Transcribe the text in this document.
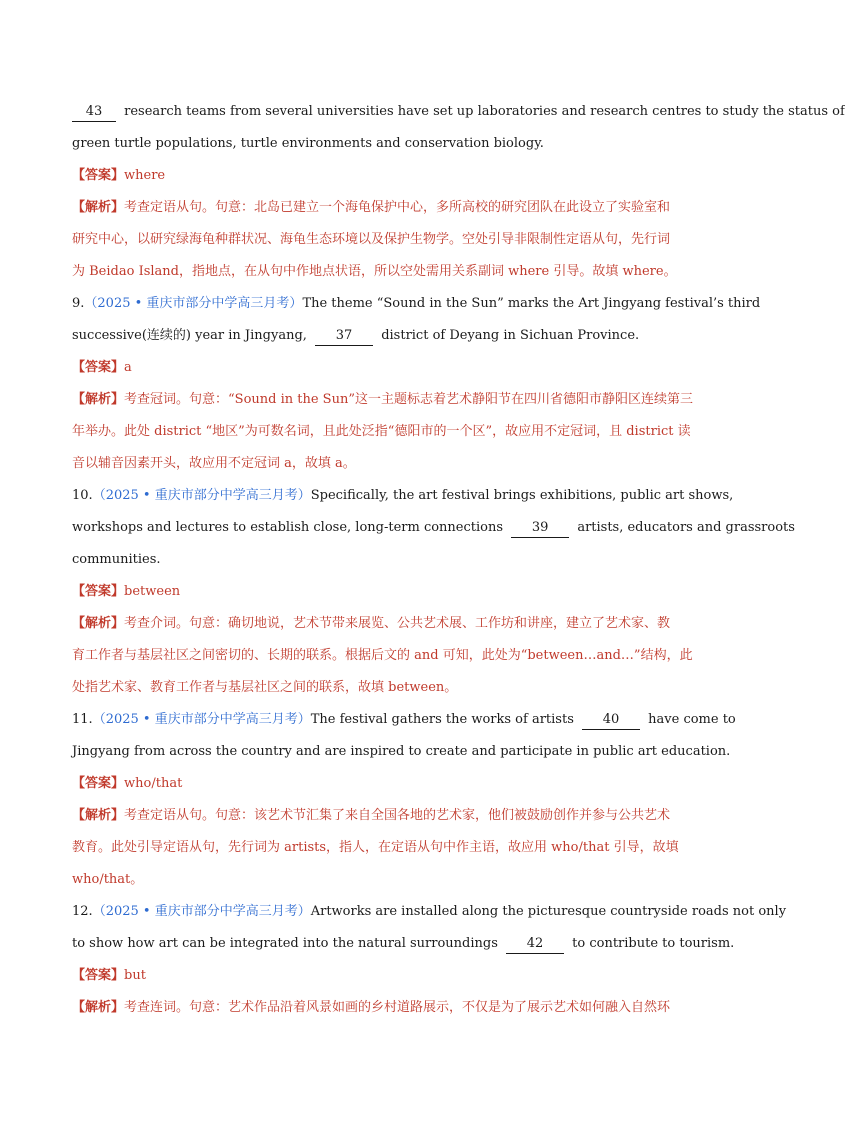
43 research teams from several universities have set up laboratories and research centres to study the status of
green turtle populations, turtle environments and conservation biology.
【答案】where
【解析】考查定语从句。句意：北岛已建立一个海龟保护中心，多所高校的研究团队在此设立了实验室和
研究中心，以研究绿海龟种群状况、海龟生态环境以及保护生物学。空处引导非限制性定语从句，先行词
为 Beidao Island，指地点，在从句中作地点状语，所以空处需用关系副词 where 引导。故填 where。
9.（2025 • 重庆市部分中学高三月考）The theme “Sound in the Sun” marks the Art Jingyang festival’s third
successive(连续的) year in Jingyang, 37 district of Deyang in Sichuan Province.
【答案】a
【解析】考查冠词。句意：“Sound in the Sun”这一主题标志着艺术静阳节在四川省德阳市静阳区连续第三
年举办。此处 district “地区”为可数名词，且此处泛指“德阳市的一个区”，故应用不定冠词，且 district 读
音以辅音因素开头，故应用不定冠词 a，故填 a。
10.（2025 • 重庆市部分中学高三月考）Specifically, the art festival brings exhibitions, public art shows,
workshops and lectures to establish close, long-term connections 39 artists, educators and grassroots
communities.
【答案】between
【解析】考查介词。句意：确切地说，艺术节带来展览、公共艺术展、工作坊和讲座，建立了艺术家、教
育工作者与基层社区之间密切的、长期的联系。根据后文的 and 可知，此处为“between…and…”结构，此
处指艺术家、教育工作者与基层社区之间的联系，故填 between。
11.（2025 • 重庆市部分中学高三月考）The festival gathers the works of artists 40 have come to
Jingyang from across the country and are inspired to create and participate in public art education.
【答案】who/that
【解析】考查定语从句。句意：该艺术节汇集了来自全国各地的艺术家，他们被鼓励创作并参与公共艺术
教育。此处引导定语从句，先行词为 artists，指人，在定语从句中作主语，故应用 who/that 引导，故填
who/that。
12.（2025 • 重庆市部分中学高三月考）Artworks are installed along the picturesque countryside roads not only
to show how art can be integrated into the natural surroundings 42 to contribute to tourism.
【答案】but
【解析】考查连词。句意：艺术作品沿着风景如画的乡村道路展示，不仅是为了展示艺术如何融入自然环
